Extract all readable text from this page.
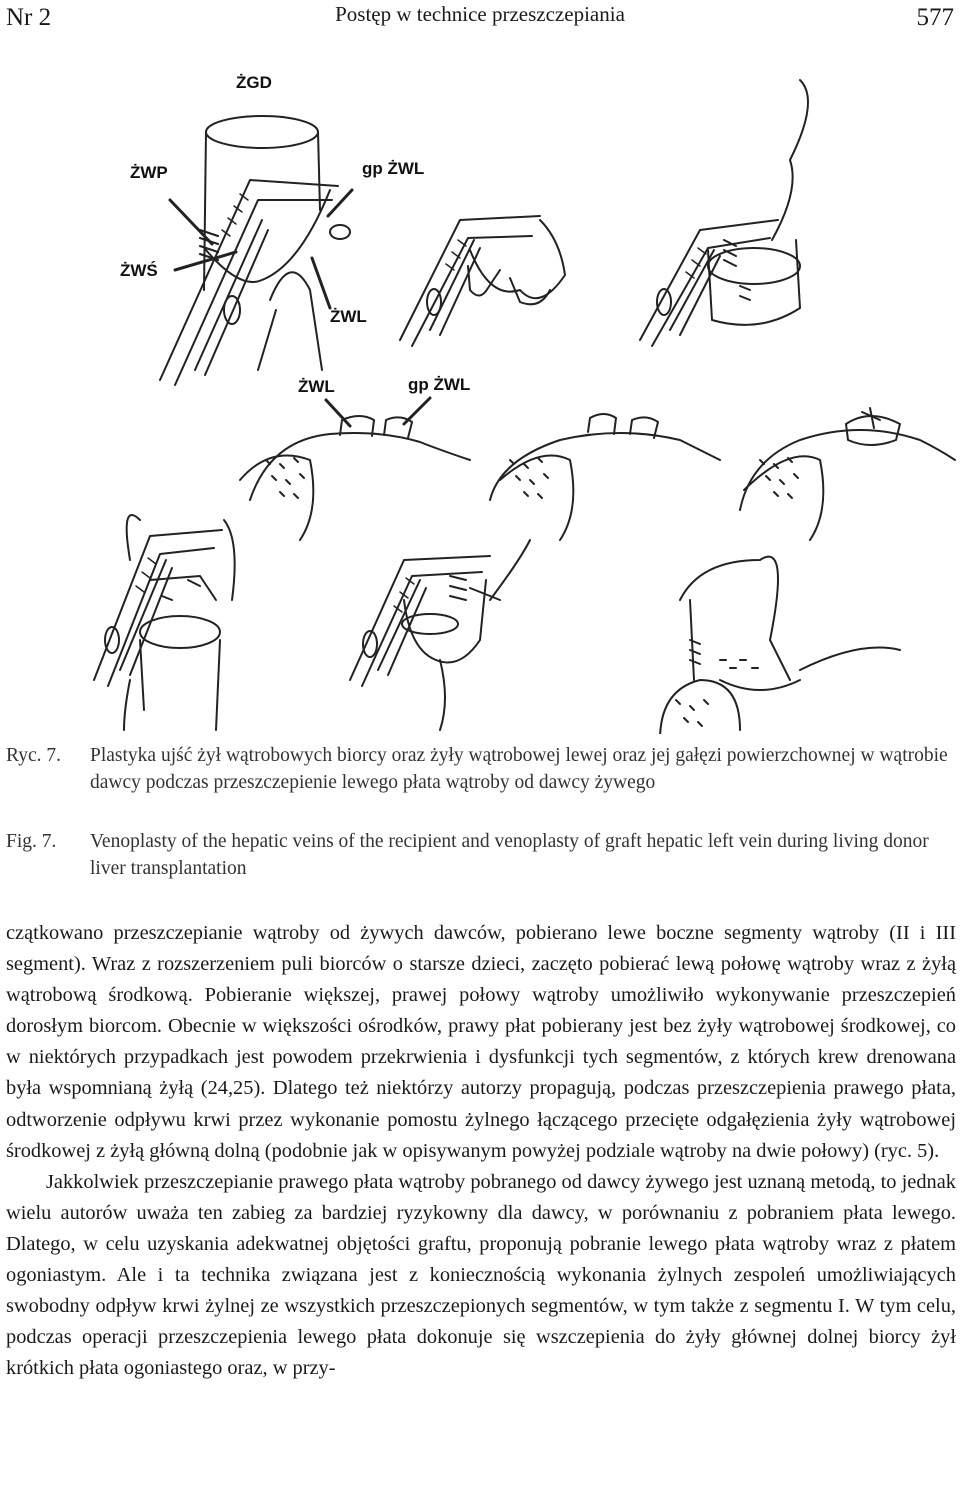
Nr 2	Postęp w technice przeszczepiania	577
ŻGD
ŻWP	gp ŻWL
ŻWŚ
ŻWL
ŻWL	gp ŻWL
Ryc. 7. Plastyka ujść żył wątrobowych biorcy oraz żyły wątrobowej lewej oraz jej gałęzi powierzchownej w wątrobie dawcy podczas przeszczepienie lewego płata wątroby od dawcy żywego
Fig. 7. Venoplasty of the hepatic veins of the recipient and venoplasty of graft hepatic left vein during living donor liver transplantation

czątkowano przeszczepianie wątroby od żywych dawców, pobierano lewe boczne segmenty wątroby (II i III segment). Wraz z rozszerzeniem puli biorców o starsze dzieci, zaczęto pobierać lewą połowę wątroby wraz z żyłą wątrobową środkową. Pobieranie większej, prawej połowy wątroby umożliwiło wykonywanie przeszczepień dorosłym biorcom. Obecnie w większości ośrodków, prawy płat pobierany jest bez żyły wątrobowej środkowej, co w niektórych przypadkach jest powodem przekrwienia i dysfunkcji tych segmentów, z których krew drenowana była wspomnianą żyłą (24,25). Dlatego też niektórzy autorzy propagują, podczas przeszczepienia prawego płata, odtworzenie odpływu krwi przez wykonanie pomostu żylnego łączącego przecięte odgałęzienia żyły wątrobowej środkowej z żyłą główną dolną (podobnie jak w opisywanym powyżej podziale wątroby na dwie połowy) (ryc. 5).

Jakkolwiek przeszczepianie prawego płata wątroby pobranego od dawcy żywego jest uznaną metodą, to jednak wielu autorów uważa ten zabieg za bardziej ryzykowny dla dawcy, w porównaniu z pobraniem płata lewego. Dlatego, w celu uzyskania adekwatnej objętości graftu, proponują pobranie lewego płata wątroby wraz z płatem ogoniastym. Ale i ta technika związana jest z koniecznością wykonania żylnych zespoleń umożliwiających swobodny odpływ krwi żylnej ze wszystkich przeszczepionych segmentów, w tym także z segmentu I. W tym celu, podczas operacji przeszczepienia lewego płata dokonuje się wszczepienia do żyły głównej dolnej biorcy żył krótkich płata ogoniastego oraz, w przy-
